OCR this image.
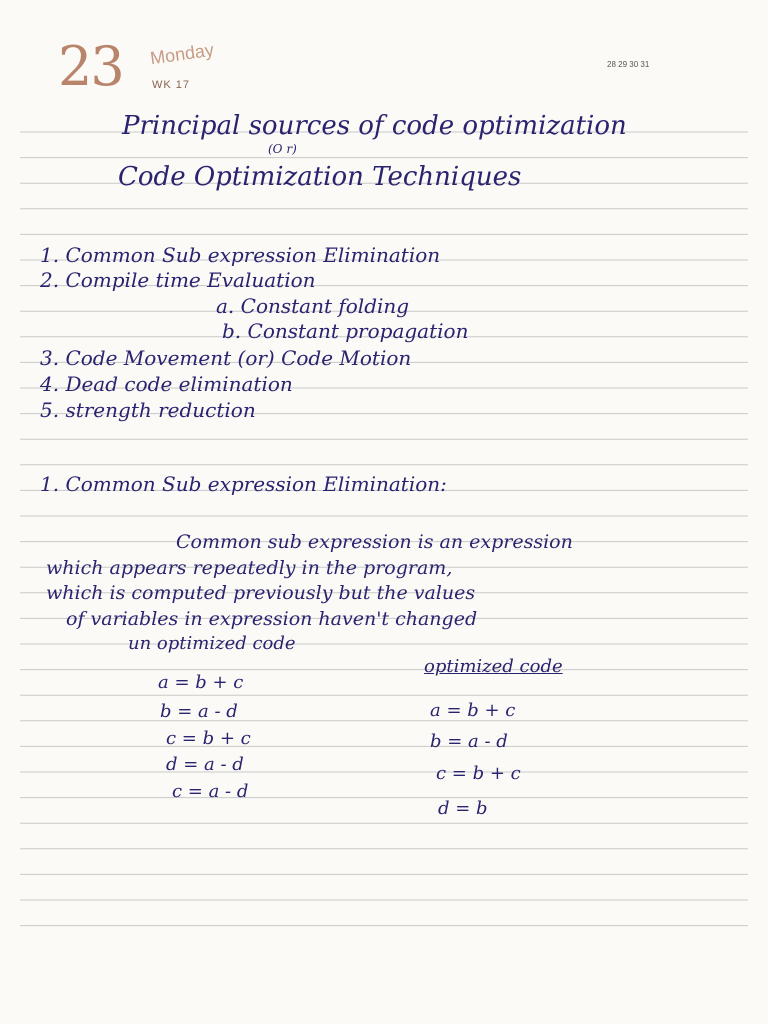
23 Monday
WK 17
28 29 30 31
Principal sources of code optimization
(O r)
Code Optimization Techniques
1. Common Sub expression Elimination
2. Compile time Evaluation
a. Constant folding
b. Constant propagation
3. Code Movement (or) Code Motion
4. Dead code elimination
5. strength reduction
1. Common Sub expression Elimination:
Common sub expression is an expression
which appears repeatedly in the program,
which is computed previously but the values
of variables in expression haven't changed
un optimized code
optimized code
a = b + c
b = a - d
c = b + c
d = a - d
c = a - d
a = b + c
b = a - d
c = b + c
d = b
